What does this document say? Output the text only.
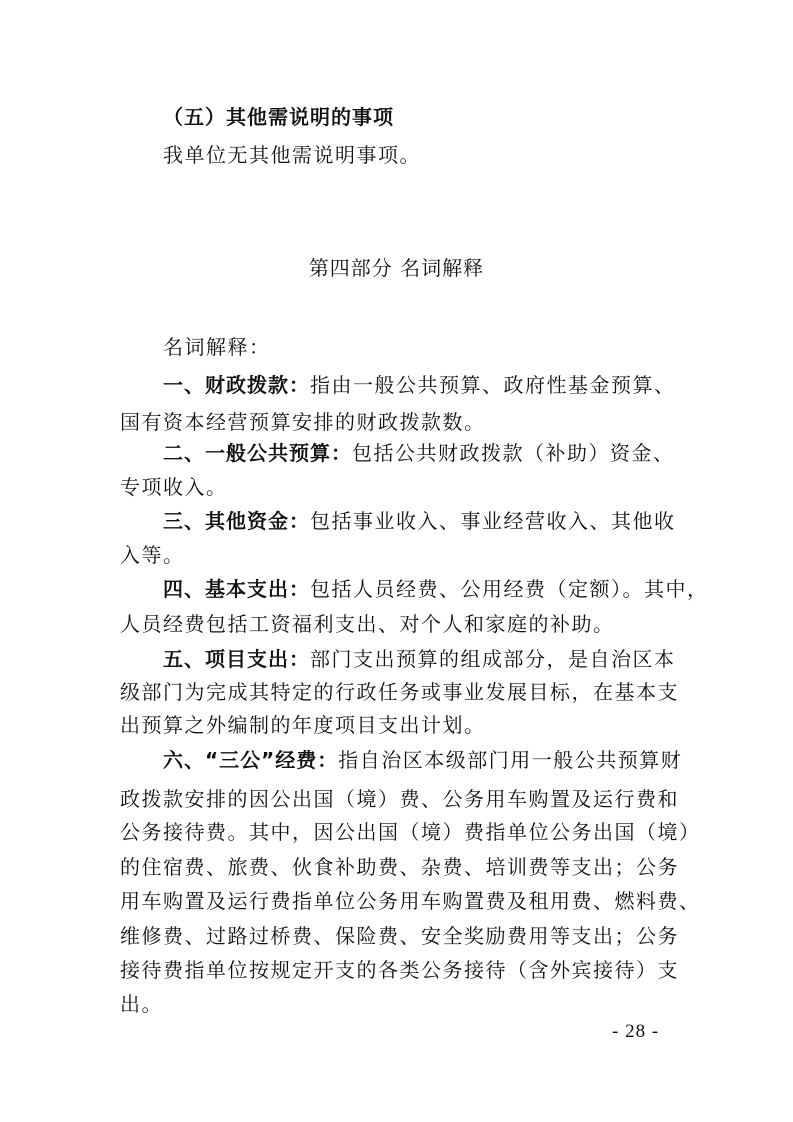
（五）其他需说明的事项
我单位无其他需说明事项。
第四部分 名词解释
名词解释：
一、财政拨款：指由一般公共预算、政府性基金预算、
国有资本经营预算安排的财政拨款数。
二、一般公共预算：包括公共财政拨款（补助）资金、
专项收入。
三、其他资金：包括事业收入、事业经营收入、其他收
入等。
四、基本支出：包括人员经费、公用经费（定额）。其中，
人员经费包括工资福利支出、对个人和家庭的补助。
五、项目支出：部门支出预算的组成部分，是自治区本
级部门为完成其特定的行政任务或事业发展目标，在基本支
出预算之外编制的年度项目支出计划。
六、“三公”经费：指自治区本级部门用一般公共预算财
政拨款安排的因公出国（境）费、公务用车购置及运行费和
公务接待费。其中，因公出国（境）费指单位公务出国（境）
的住宿费、旅费、伙食补助费、杂费、培训费等支出；公务
用车购置及运行费指单位公务用车购置费及租用费、燃料费、
维修费、过路过桥费、保险费、安全奖励费用等支出；公务
接待费指单位按规定开支的各类公务接待（含外宾接待）支
出。
- 28 -
